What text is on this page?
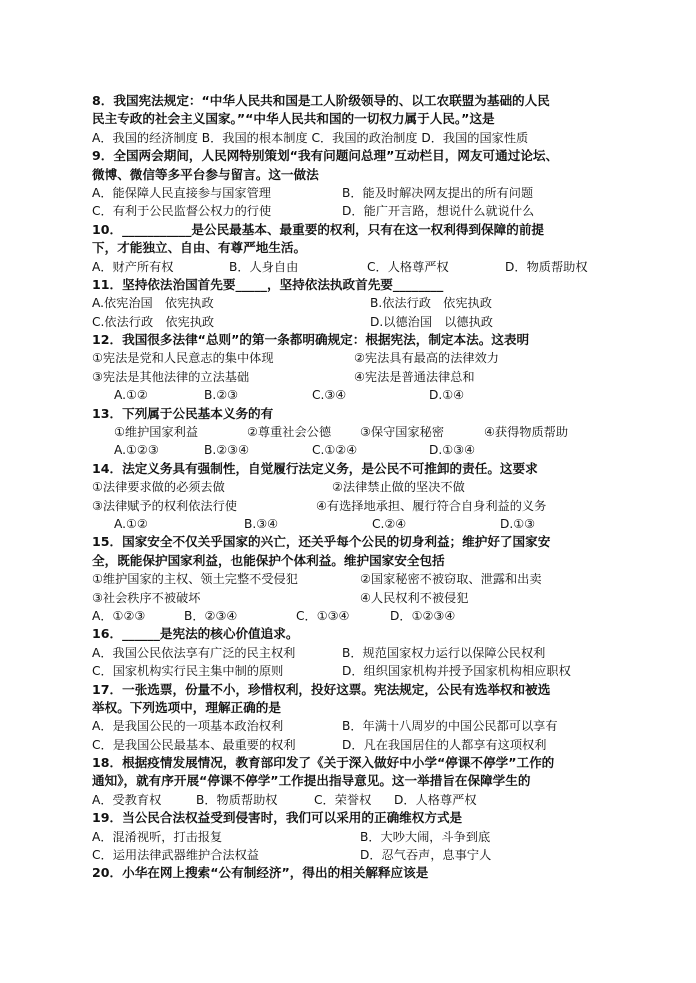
8．我国宪法规定：“中华人民共和国是工人阶级领导的、以工农联盟为基础的人民
民主专政的社会主义国家。”“中华人民共和国的一切权力属于人民。”这是
A．我国的经济制度 B．我国的根本制度 C．我国的政治制度 D．我国的国家性质
9．全国两会期间，人民网特别策划“我有问题问总理”互动栏目，网友可通过论坛、
微博、微信等多平台参与留言。这一做法
A．能保障人民直接参与国家管理	B．能及时解决网友提出的所有问题
C．有利于公民监督公权力的行使	D．能广开言路，想说什么就说什么
10．___________是公民最基本、最重要的权利，只有在这一权利得到保障的前提
下，才能独立、自由、有尊严地生活。
A．财产所有权	B．人身自由	C．人格尊严权	D．物质帮助权
11．坚持依法治国首先要_____，坚持依法执政首先要________
A.依宪治国　依宪执政	B.依法行政　依宪执政
C.依法行政　依宪执政	D.以德治国　以德执政
12．我国很多法律“总则”的第一条都明确规定：根据宪法，制定本法。这表明
①宪法是党和人民意志的集中体现	②宪法具有最高的法律效力
③宪法是其他法律的立法基础	④宪法是普通法律总和
A.①②	B.②③	C.③④	D.①④
13．下列属于公民基本义务的有
①维护国家利益	②尊重社会公德 ③保守国家秘密	④获得物质帮助
A.①②③	B.②③④	C.①②④	D.①③④
14．法定义务具有强制性，自觉履行法定义务，是公民不可推卸的责任。这要求
①法律要求做的必须去做	②法律禁止做的坚决不做
③法律赋予的权利依法行使	④有选择地承担、履行符合自身利益的义务
A.①②	B.③④	C.②④	D.①③
15．国家安全不仅关乎国家的兴亡，还关乎每个公民的切身利益；维护好了国家安
全，既能保护国家利益，也能保护个体利益。维护国家安全包括
①维护国家的主权、领土完整不受侵犯	②国家秘密不被窃取、泄露和出卖
③社会秩序不被破坏	④人民权利不被侵犯
A．①②③	B．②③④	C．①③④	D．①②③④
16．______是宪法的核心价值追求。
A．我国公民依法享有广泛的民主权利	B．规范国家权力运行以保障公民权利
C．国家机构实行民主集中制的原则	D．组织国家机构并授予国家机构相应职权
17．一张选票，份量不小，珍惜权利，投好这票。宪法规定，公民有选举权和被选
举权。下列选项中，理解正确的是
A．是我国公民的一项基本政治权利	B．年满十八周岁的中国公民都可以享有
C．是我国公民最基本、最重要的权利	D．凡在我国居住的人都享有这项权利
18．根据疫情发展情况，教育部印发了《关于深入做好中小学“停课不停学”工作的
通知》，就有序开展“停课不停学”工作提出指导意见。这一举措旨在保障学生的
A．受教育权	B．物质帮助权	C．荣誉权 D．人格尊严权
19．当公民合法权益受到侵害时，我们可以采用的正确维权方式是
A．混淆视听，打击报复	B．大吵大闹，斗争到底
C．运用法律武器维护合法权益	D．忍气吞声，息事宁人
20．小华在网上搜索“公有制经济”，得出的相关解释应该是
